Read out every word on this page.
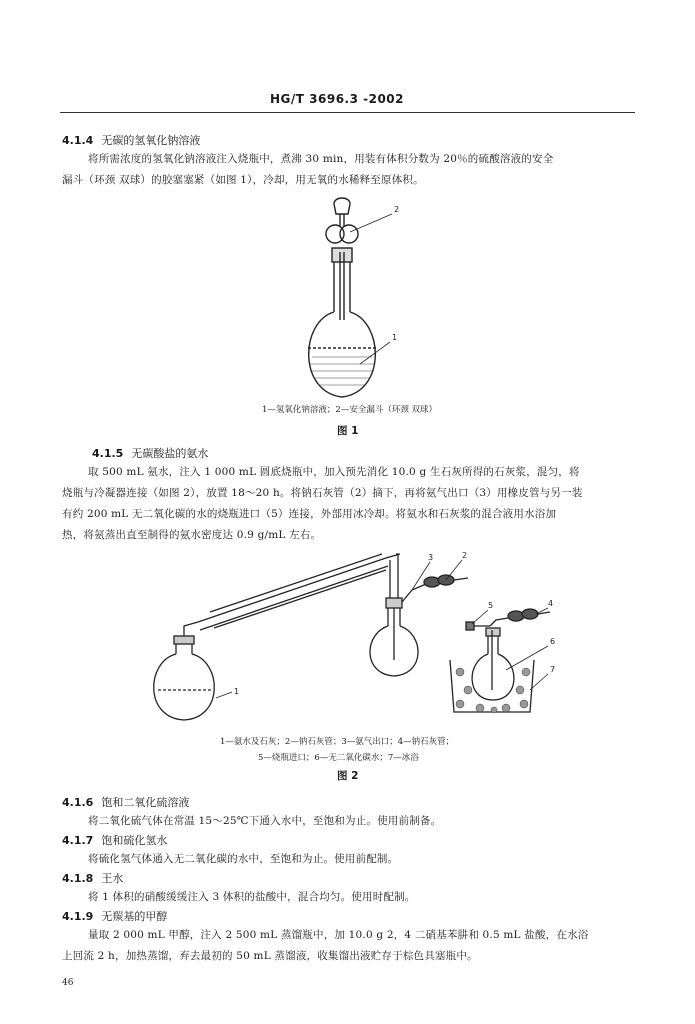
HG/T 3696.3 -2002
4.1.4 无碳的氢氧化钠溶液
将所需浓度的氢氧化钠溶液注入烧瓶中，煮沸 30 min，用装有体积分数为 20％的硫酸溶液的安全
漏斗（环颈 双球）的胶塞塞紧（如图 1），冷却，用无氧的水稀释至原体积。
2
1
1—氢氧化钠溶液；2—安全漏斗（环颈 双球）
图 1
4.1.5 无碳酸盐的氨水
取 500 mL 氨水，注入 1 000 mL 圆底烧瓶中，加入预先消化 10.0 g 生石灰所得的石灰浆，混匀，将
烧瓶与冷凝器连接（如图 2），放置 18～20 h。将钠石灰管（2）摘下，再将氨气出口（3）用橡皮管与另一装
有约 200 mL 无二氧化碳的水的烧瓶进口（5）连接，外部用冰冷却。将氨水和石灰浆的混合液用水浴加
热，将氨蒸出直至制得的氨水密度达 0.9 g/mL 左右。
1
2
3
4
5
6
7
1—氨水及石灰；2—钠石灰管；3—氨气出口；4—钠石灰管；
5—烧瓶进口；6—无二氧化碳水；7—冰浴
图 2
4.1.6 饱和二氧化硫溶液
将二氧化硫气体在常温 15～25℃下通入水中，至饱和为止。使用前制备。
4.1.7 饱和硫化氢水
将硫化氢气体通入无二氧化碳的水中，至饱和为止。使用前配制。
4.1.8 王水
将 1 体积的硝酸缓缓注入 3 体积的盐酸中，混合均匀。使用时配制。
4.1.9 无羰基的甲醇
量取 2 000 mL 甲醇，注入 2 500 mL 蒸馏瓶中，加 10.0 g 2，4 二硝基苯肼和 0.5 mL 盐酸，在水浴
上回流 2 h，加热蒸馏，弃去最初的 50 mL 蒸馏液，收集馏出液贮存于棕色具塞瓶中。
46
